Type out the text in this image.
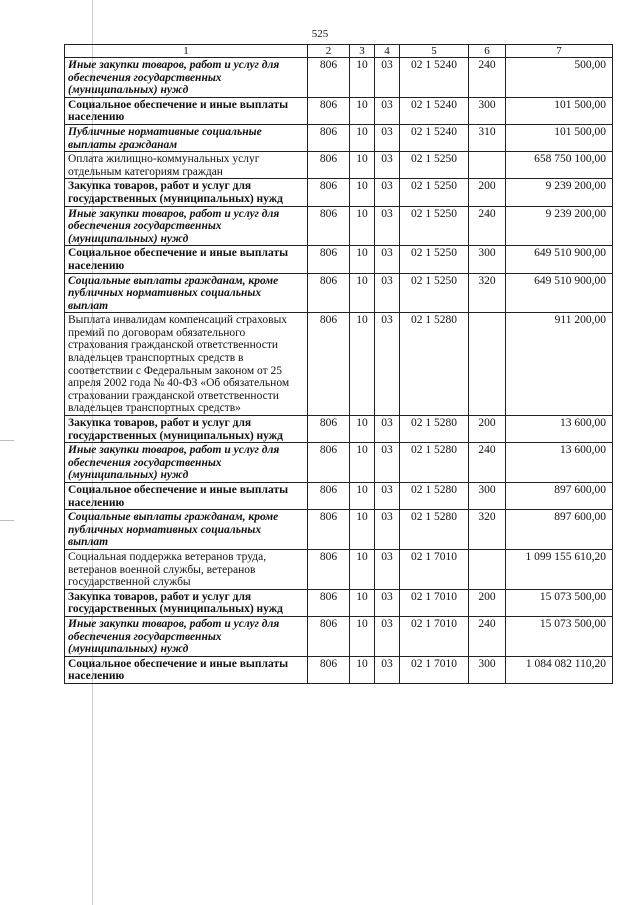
525
1	2	3	4	5	6	7
Иные закупки товаров, работ и услуг для обеспечения государственных (муниципальных) нужд	806	10	03	02 1 5240	240	500,00
Социальное обеспечение и иные выплаты населению	806	10	03	02 1 5240	300	101 500,00
Публичные нормативные социальные выплаты гражданам	806	10	03	02 1 5240	310	101 500,00
Оплата жилищно-коммунальных услуг отдельным категориям граждан	806	10	03	02 1 5250		658 750 100,00
Закупка товаров, работ и услуг для государственных (муниципальных) нужд	806	10	03	02 1 5250	200	9 239 200,00
Иные закупки товаров, работ и услуг для обеспечения государственных (муниципальных) нужд	806	10	03	02 1 5250	240	9 239 200,00
Социальное обеспечение и иные выплаты населению	806	10	03	02 1 5250	300	649 510 900,00
Социальные выплаты гражданам, кроме публичных нормативных социальных выплат	806	10	03	02 1 5250	320	649 510 900,00
Выплата инвалидам компенсаций страховых премий по договорам обязательного страхования гражданской ответственности владельцев транспортных средств в соответствии с Федеральным законом от 25 апреля 2002 года № 40-ФЗ «Об обязательном страховании гражданской ответственности владельцев транспортных средств»	806	10	03	02 1 5280		911 200,00
Закупка товаров, работ и услуг для государственных (муниципальных) нужд	806	10	03	02 1 5280	200	13 600,00
Иные закупки товаров, работ и услуг для обеспечения государственных (муниципальных) нужд	806	10	03	02 1 5280	240	13 600,00
Социальное обеспечение и иные выплаты населению	806	10	03	02 1 5280	300	897 600,00
Социальные выплаты гражданам, кроме публичных нормативных социальных выплат	806	10	03	02 1 5280	320	897 600,00
Социальная поддержка ветеранов труда, ветеранов военной службы, ветеранов государственной службы	806	10	03	02 1 7010		1 099 155 610,20
Закупка товаров, работ и услуг для государственных (муниципальных) нужд	806	10	03	02 1 7010	200	15 073 500,00
Иные закупки товаров, работ и услуг для обеспечения государственных (муниципальных) нужд	806	10	03	02 1 7010	240	15 073 500,00
Социальное обеспечение и иные выплаты населению	806	10	03	02 1 7010	300	1 084 082 110,20
